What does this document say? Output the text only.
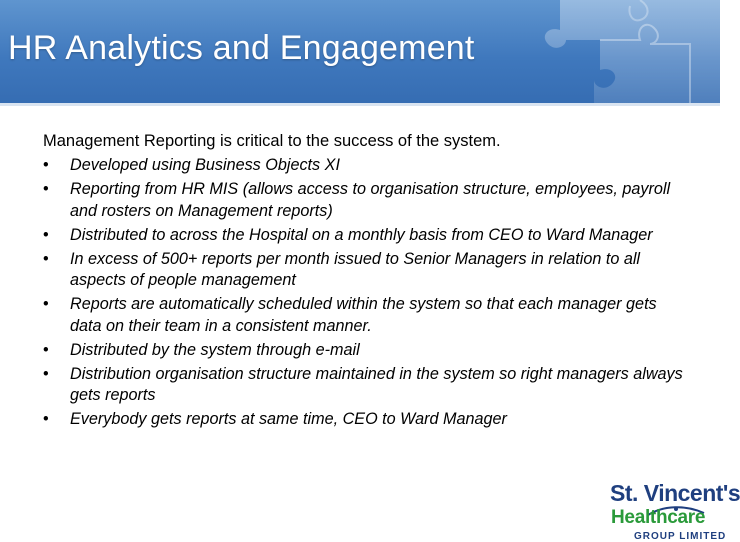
HR Analytics and Engagement

Management Reporting is critical to the success of the system.

• Developed using Business Objects XI
• Reporting from HR MIS (allows access to organisation structure, employees, payroll and rosters on Management reports)
• Distributed to across the Hospital on a monthly basis from CEO to Ward Manager
• In excess of 500+ reports per month issued to Senior Managers in relation to all aspects of people management
• Reports are automatically scheduled within the system so that each manager gets data on their team in a consistent manner.
• Distributed by the system through e-mail
• Distribution organisation structure maintained in the system so right managers always gets reports
• Everybody gets reports at same time, CEO to Ward Manager
St. Vincent's
Healthcare
GROUP LIMITED
